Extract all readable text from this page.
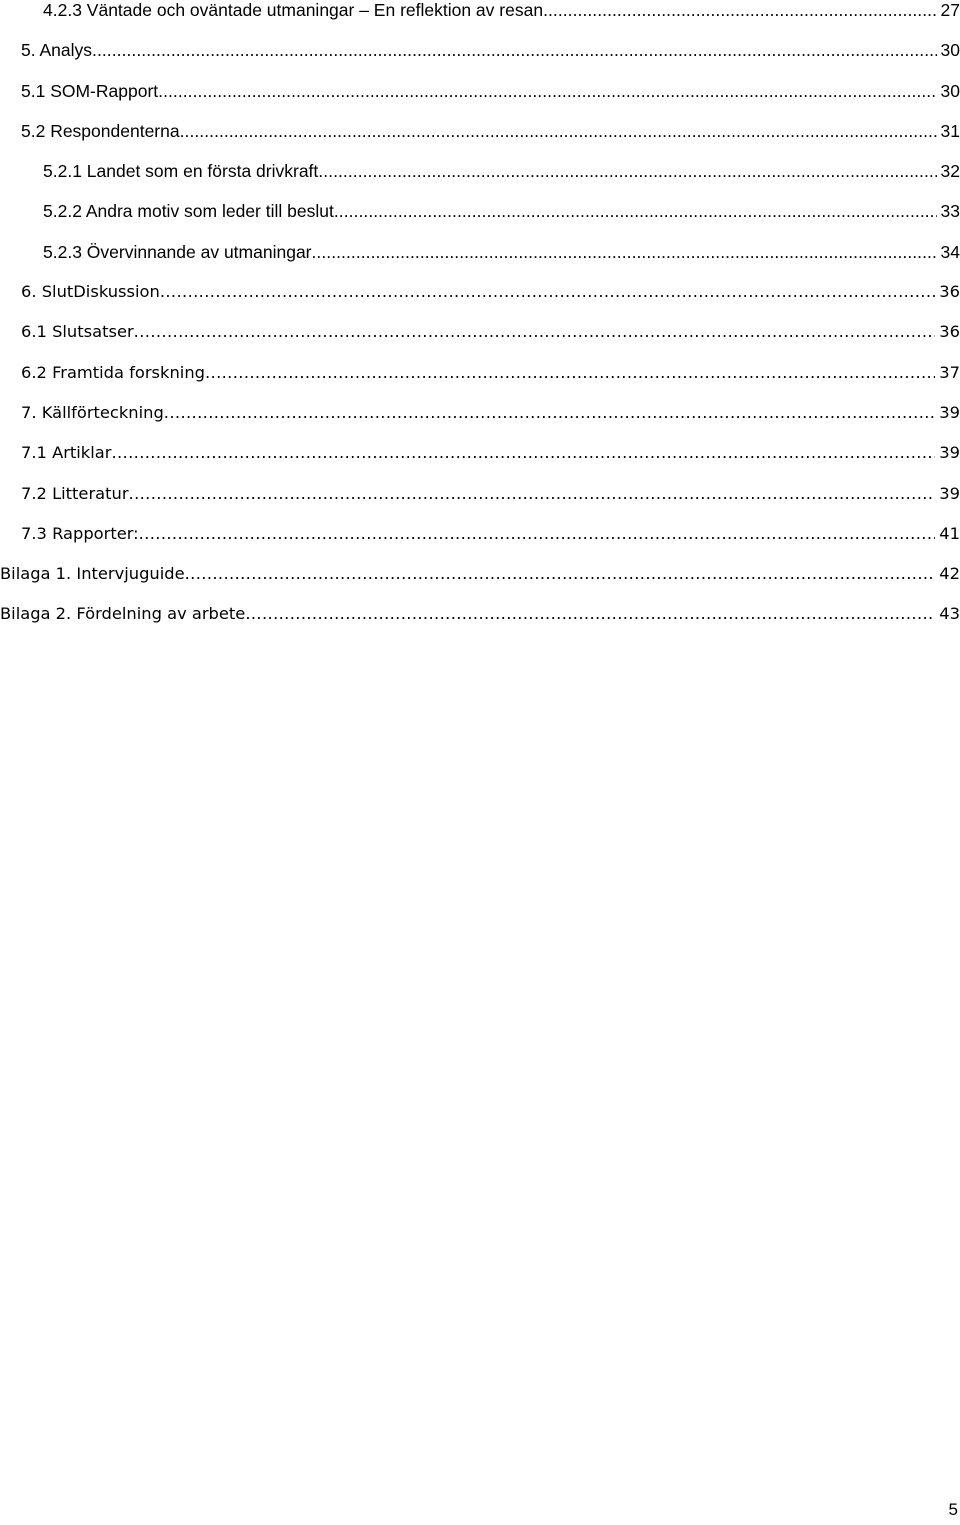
4.2.3 Väntade och oväntade utmaningar – En reflektion av resan . . .	27
5. Analys . . .	30
5.1 SOM-Rapport . . .	30
5.2 Respondenterna . . .	31
5.2.1 Landet som en första drivkraft . . .	32
5.2.2 Andra motiv som leder till beslut . . .	33
5.2.3 Övervinnande av utmaningar . . .	34
6. SlutDiskussion . . .	36
6.1 Slutsatser . . .	36
6.2 Framtida forskning . . .	37
7. Källförteckning . . .	39
7.1 Artiklar . . .	39
7.2 Litteratur . . .	39
7.3 Rapporter: . . .	41
Bilaga 1. Intervjuguide . . .	42
Bilaga 2. Fördelning av arbete . . .	43
5
